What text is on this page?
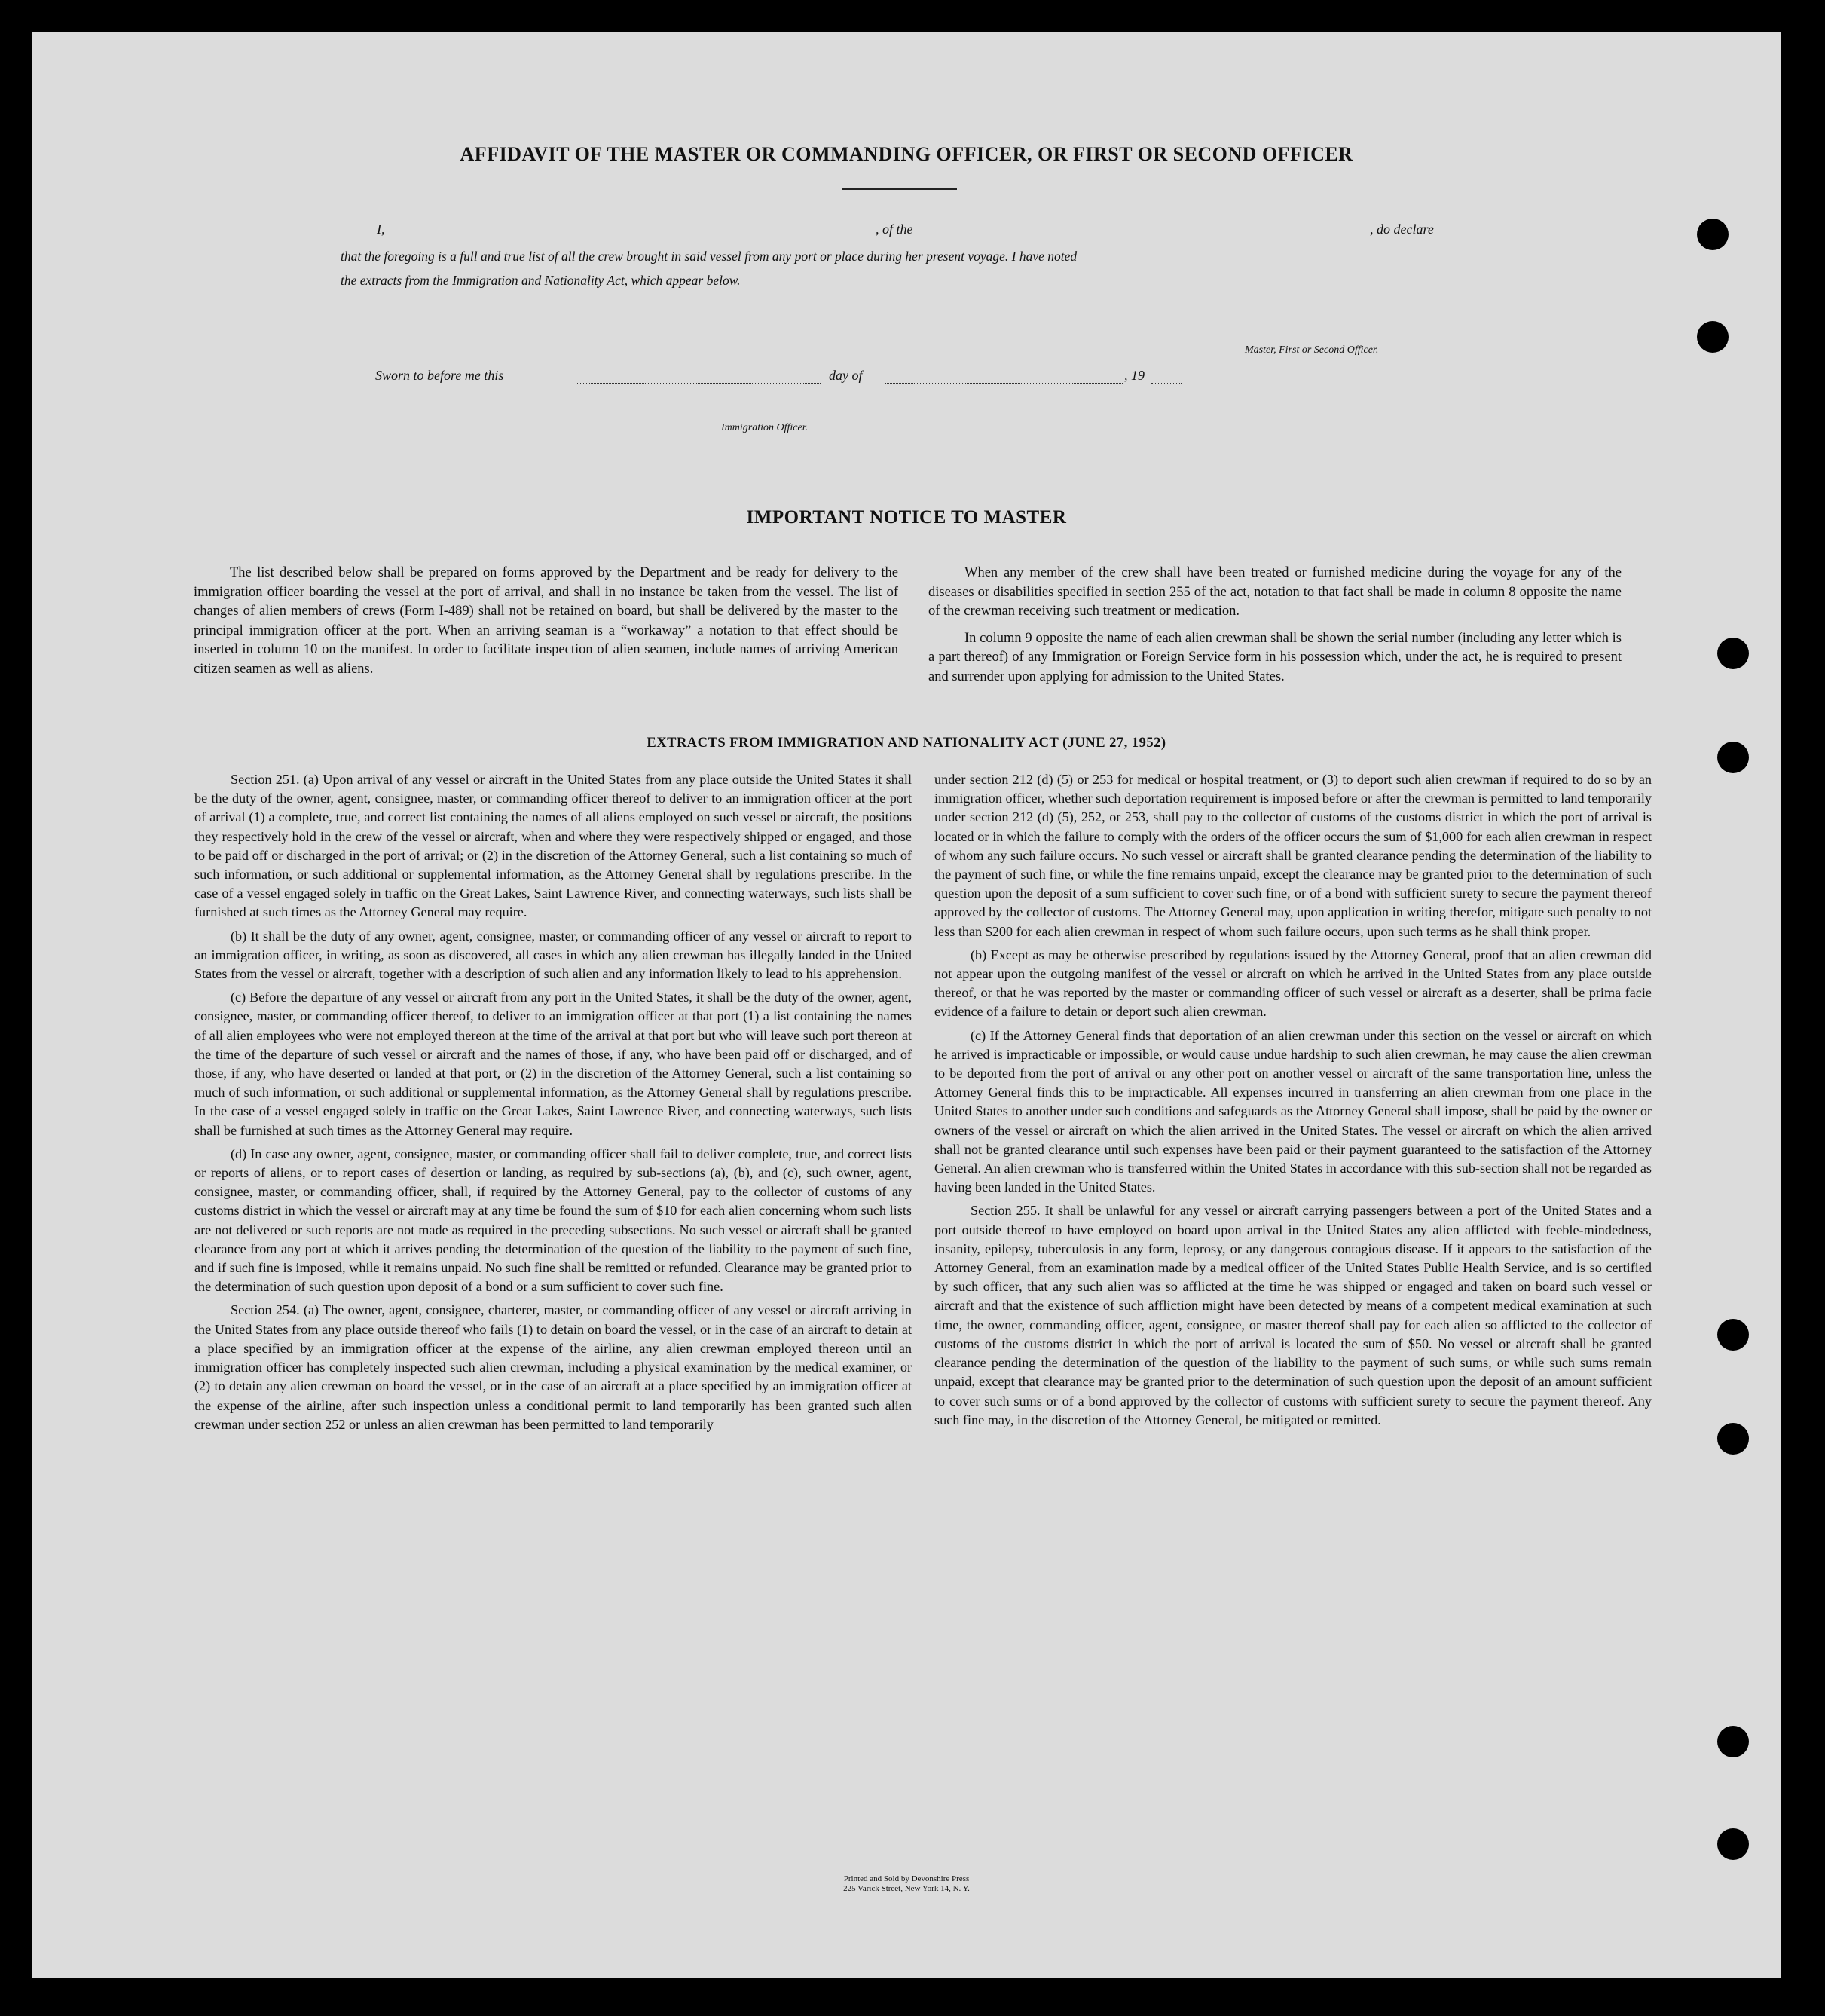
AFFIDAVIT OF THE MASTER OR COMMANDING OFFICER, OR FIRST OR SECOND OFFICER
I,	, of the	, do declare
that the foregoing is a full and true list of all the crew brought in said vessel from any port or place during her present voyage. I have noted
the extracts from the Immigration and Nationality Act, which appear below.
Master, First or Second Officer.
Sworn to before me this	day of	, 19
Immigration Officer.
IMPORTANT NOTICE TO MASTER

The list described below shall be prepared on forms approved by the Department and be ready for delivery to the immigration officer boarding the vessel at the port of arrival, and shall in no instance be taken from the vessel. The list of changes of alien members of crews (Form I-489) shall not be retained on board, but shall be delivered by the master to the principal immigration officer at the port. When an arriving seaman is a “workaway” a notation to that effect should be inserted in column 10 on the manifest. In order to facilitate inspection of alien seamen, include names of arriving American citizen seamen as well as aliens.

When any member of the crew shall have been treated or furnished medicine during the voyage for any of the diseases or disabilities specified in section 255 of the act, notation to that fact shall be made in column 8 opposite the name of the crewman receiving such treatment or medication.

In column 9 opposite the name of each alien crewman shall be shown the serial number (including any letter which is a part thereof) of any Immigration or Foreign Service form in his possession which, under the act, he is required to present and surrender upon applying for admission to the United States.

EXTRACTS FROM IMMIGRATION AND NATIONALITY ACT (JUNE 27, 1952)

Section 251. (a) Upon arrival of any vessel or aircraft in the United States from any place outside the United States it shall be the duty of the owner, agent, consignee, master, or commanding officer thereof to deliver to an immigration officer at the port of arrival (1) a complete, true, and correct list containing the names of all aliens employed on such vessel or aircraft, the positions they respectively hold in the crew of the vessel or aircraft, when and where they were respectively shipped or engaged, and those to be paid off or discharged in the port of arrival; or (2) in the discretion of the Attorney General, such a list containing so much of such information, or such additional or supplemental information, as the Attorney General shall by regulations prescribe. In the case of a vessel engaged solely in traffic on the Great Lakes, Saint Lawrence River, and connecting waterways, such lists shall be furnished at such times as the Attorney General may require.

(b) It shall be the duty of any owner, agent, consignee, master, or commanding officer of any vessel or aircraft to report to an immigration officer, in writing, as soon as discovered, all cases in which any alien crewman has illegally landed in the United States from the vessel or aircraft, together with a description of such alien and any information likely to lead to his apprehension.

(c) Before the departure of any vessel or aircraft from any port in the United States, it shall be the duty of the owner, agent, consignee, master, or commanding officer thereof, to deliver to an immigration officer at that port (1) a list containing the names of all alien employees who were not employed thereon at the time of the arrival at that port but who will leave such port thereon at the time of the departure of such vessel or aircraft and the names of those, if any, who have been paid off or discharged, and of those, if any, who have deserted or landed at that port, or (2) in the discretion of the Attorney General, such a list containing so much of such information, or such additional or supplemental information, as the Attorney General shall by regulations prescribe. In the case of a vessel engaged solely in traffic on the Great Lakes, Saint Lawrence River, and connecting waterways, such lists shall be furnished at such times as the Attorney General may require.

(d) In case any owner, agent, consignee, master, or commanding officer shall fail to deliver complete, true, and correct lists or reports of aliens, or to report cases of desertion or landing, as required by sub-sections (a), (b), and (c), such owner, agent, consignee, master, or commanding officer, shall, if required by the Attorney General, pay to the collector of customs of any customs district in which the vessel or aircraft may at any time be found the sum of $10 for each alien concerning whom such lists are not delivered or such reports are not made as required in the preceding subsections. No such vessel or aircraft shall be granted clearance from any port at which it arrives pending the determination of the question of the liability to the payment of such fine, and if such fine is imposed, while it remains unpaid. No such fine shall be remitted or refunded. Clearance may be granted prior to the determination of such question upon deposit of a bond or a sum sufficient to cover such fine.

Section 254. (a) The owner, agent, consignee, charterer, master, or commanding officer of any vessel or aircraft arriving in the United States from any place outside thereof who fails (1) to detain on board the vessel, or in the case of an aircraft to detain at a place specified by an immigration officer at the expense of the airline, any alien crewman employed thereon until an immigration officer has completely inspected such alien crewman, including a physical examination by the medical examiner, or (2) to detain any alien crewman on board the vessel, or in the case of an aircraft at a place specified by an immigration officer at the expense of the airline, after such inspection unless a conditional permit to land temporarily has been granted such alien crewman under section 252 or unless an alien crewman has been permitted to land temporarily

under section 212 (d) (5) or 253 for medical or hospital treatment, or (3) to deport such alien crewman if required to do so by an immigration officer, whether such deportation requirement is imposed before or after the crewman is permitted to land temporarily under section 212 (d) (5), 252, or 253, shall pay to the collector of customs of the customs district in which the port of arrival is located or in which the failure to comply with the orders of the officer occurs the sum of $1,000 for each alien crewman in respect of whom any such failure occurs. No such vessel or aircraft shall be granted clearance pending the determination of the liability to the payment of such fine, or while the fine remains unpaid, except the clearance may be granted prior to the determination of such question upon the deposit of a sum sufficient to cover such fine, or of a bond with sufficient surety to secure the payment thereof approved by the collector of customs. The Attorney General may, upon application in writing therefor, mitigate such penalty to not less than $200 for each alien crewman in respect of whom such failure occurs, upon such terms as he shall think proper.

(b) Except as may be otherwise prescribed by regulations issued by the Attorney General, proof that an alien crewman did not appear upon the outgoing manifest of the vessel or aircraft on which he arrived in the United States from any place outside thereof, or that he was reported by the master or commanding officer of such vessel or aircraft as a deserter, shall be prima facie evidence of a failure to detain or deport such alien crewman.

(c) If the Attorney General finds that deportation of an alien crewman under this section on the vessel or aircraft on which he arrived is impracticable or impossible, or would cause undue hardship to such alien crewman, he may cause the alien crewman to be deported from the port of arrival or any other port on another vessel or aircraft of the same transportation line, unless the Attorney General finds this to be impracticable. All expenses incurred in transferring an alien crewman from one place in the United States to another under such conditions and safeguards as the Attorney General shall impose, shall be paid by the owner or owners of the vessel or aircraft on which the alien arrived in the United States. The vessel or aircraft on which the alien arrived shall not be granted clearance until such expenses have been paid or their payment guaranteed to the satisfaction of the Attorney General. An alien crewman who is transferred within the United States in accordance with this sub-section shall not be regarded as having been landed in the United States.

Section 255. It shall be unlawful for any vessel or aircraft carrying passengers between a port of the United States and a port outside thereof to have employed on board upon arrival in the United States any alien afflicted with feeble-mindedness, insanity, epilepsy, tuberculosis in any form, leprosy, or any dangerous contagious disease. If it appears to the satisfaction of the Attorney General, from an examination made by a medical officer of the United States Public Health Service, and is so certified by such officer, that any such alien was so afflicted at the time he was shipped or engaged and taken on board such vessel or aircraft and that the existence of such affliction might have been detected by means of a competent medical examination at such time, the owner, commanding officer, agent, consignee, or master thereof shall pay for each alien so afflicted to the collector of customs of the customs district in which the port of arrival is located the sum of $50. No vessel or aircraft shall be granted clearance pending the determination of the question of the liability to the payment of such sums, or while such sums remain unpaid, except that clearance may be granted prior to the determination of such question upon the deposit of an amount sufficient to cover such sums or of a bond approved by the collector of customs with sufficient surety to secure the payment thereof. Any such fine may, in the discretion of the Attorney General, be mitigated or remitted.

Printed and Sold by Devonshire Press
225 Varick Street, New York 14, N. Y.
